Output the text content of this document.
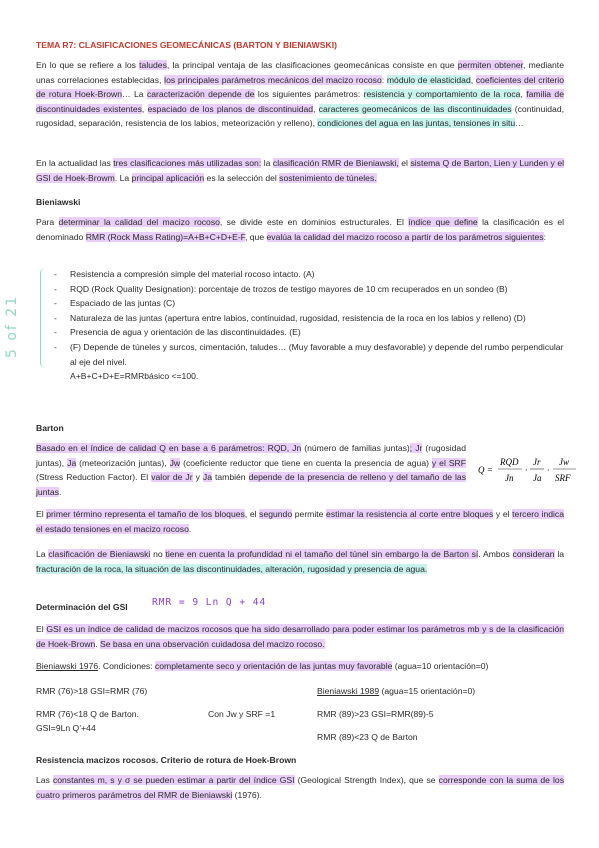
TEMA R7: CLASIFICACIONES GEOMECÁNICAS (BARTON Y BIENIAWSKI)

En lo que se refiere a los taludes, la principal ventaja de las clasificaciones geomecánicas consiste en que permiten obtener, mediante unas correlaciones establecidas, los principales parámetros mecánicos del macizo rocoso: módulo de elasticidad, coeficientes del criterio de rotura Hoek-Brown… La caracterización depende de los siguientes parámetros: resistencia y comportamiento de la roca, familia de discontinuidades existentes, espaciado de los planos de discontinuidad, caracteres geomecánicos de las discontinuidades (continuidad, rugosidad, separación, resistencia de los labios, meteorización y relleno), condiciones del agua en las juntas, tensiones in situ…

En la actualidad las tres clasificaciones más utilizadas son: la clasificación RMR de Bieniawski, el sistema Q de Barton, Lien y Lunden y el GSI de Hoek-Browm. La principal aplicación es la selección del sostenimiento de túneles.

Bieniawski

Para determinar la calidad del macizo rocoso, se divide este en dominios estructurales. El índice que define la clasificación es el denominado RMR (Rock Mass Rating)=A+B+C+D+E-F, que evalúa la calidad del macizo rocoso a partir de los parámetros siguientes:

5 of 21
- Resistencia a compresión simple del material rocoso intacto. (A)
- RQD (Rock Quality Designation): porcentaje de trozos de testigo mayores de 10 cm recuperados en un sondeo (B)
- Espaciado de las juntas (C)
- Naturaleza de las juntas (apertura entre labios, continuidad, rugosidad, resistencia de la roca en los labios y relleno) (D)
- Presencia de agua y orientación de las discontinuidades. (E)
- (F) Depende de túneles y surcos, cimentación, taludes… (Muy favorable a muy desfavorable) y depende del rumbo perpendicular al eje del nivel.
A+B+C+D+E=RMRbásico <=100.
Barton

Basado en el índice de calidad Q en base a 6 parámetros: RQD, Jn (número de familias juntas); Jr (rugosidad juntas), Ja (meteorización juntas), Jw (coeficiente reductor que tiene en cuenta la presencia de agua) y el SRF (Stress Reduction Factor). El valor de Jr y Ja también depende de la presencia de relleno y del tamaño de las juntas.

Q =
RQD
Jn
·
Jr
Ja
·
Jw
SRF

El primer término representa el tamaño de los bloques, el segundo permite estimar la resistencia al corte entre bloques y el tercero indica el estado tensiones en el macizo rocoso.

La clasificación de Bieniawski no tiene en cuenta la profundidad ni el tamaño del túnel sin embargo la de Barton sí. Ambos consideran la fracturación de la roca, la situación de las discontinuidades, alteración, rugosidad y presencia de agua.

Determinación del GSI	RMR = 9 Ln Q + 44

El GSI es un índice de calidad de macizos rocosos que ha sido desarrollado para poder estimar los parámetros mb y s de la clasificación de Hoek-Brown. Se basa en una observación cuidadosa del macizo rocoso.

Bieniawski 1976. Condiciones: completamente seco y orientación de las juntas muy favorable (agua=10 orientación=0)

RMR (76)>18 GSI=RMR (76)
RMR (76)<18 Q de Barton.
GSI=9Ln Q’+44
Con Jw y SRF =1
Bieniawski 1989 (agua=15 orientación=0)
RMR (89)>23 GSI=RMR(89)-5
RMR (89)<23 Q de Barton
Resistencia macizos rocosos. Criterio de rotura de Hoek-Brown

Las constantes m, s y σ se pueden estimar a partir del índice GSI (Geological Strength Index), que se corresponde con la suma de los cuatro primeros parámetros del RMR de Bieniawski (1976).
